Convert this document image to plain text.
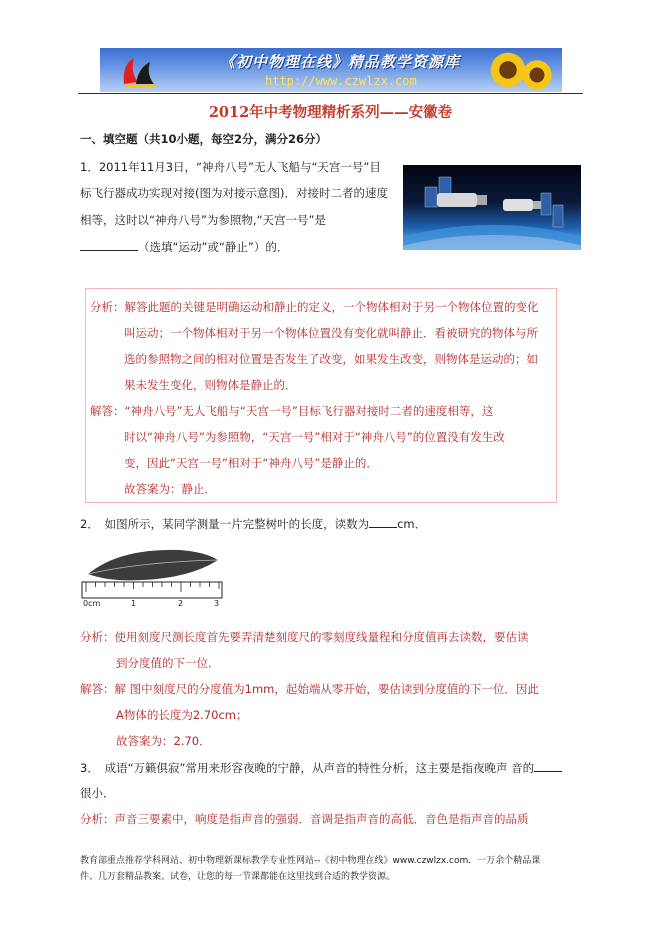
《初中物理在线》精品教学资源库
http://www.czwlzx.com
2012年中考物理精析系列——安徽卷
一、填空题（共10小题，每空2分，满分26分）
1．2011年11月3日，“神舟八号”无人飞船与“天宫一号”目
标飞行器成功实现对接(图为对接示意图)．对接时二者的速度
相等，这时以“神舟八号”为参照物,“天宫一号”是
（选填“运动”或“静止”）的．
分析：解答此题的关键是明确运动和静止的定义，一个物体相对于另一个物体位置的变化
叫运动；一个物体相对于另一个物体位置没有变化就叫静止．看被研究的物体与所
选的参照物之间的相对位置是否发生了改变，如果发生改变，则物体是运动的；如
果未发生变化，则物体是静止的．
解答：“神舟八号”无人飞船与“天宫一号”目标飞行器对接时二者的速度相等，这
时以“神舟八号”为参照物，“天宫一号”相对于“神舟八号”的位置没有发生改
变，因此“天宫一号”相对于“神舟八号”是静止的．
故答案为：静止．
2．　如图所示，某同学测量一片完整树叶的长度，读数为 cm．
0cm	1	2	3
分析：使用刻度尺测长度首先要弄清楚刻度尺的零刻度线量程和分度值再去读数，要估读
到分度值的下一位．
解答：解 图中刻度尺的分度值为1mm，起始端从零开始，要估读到分度值的下一位．因此
A物体的长度为2.70cm；
故答案为：2.70．
3．　成语“万籁俱寂”常用来形容夜晚的宁静，从声音的特性分析，这主要是指夜晚声 音的
很小．
分析：声音三要素中，响度是指声音的强弱．音调是指声音的高低．音色是指声音的品质
教育部重点推荐学科网站、初中物理新课标教学专业性网站--《初中物理在线》www.czwlzx.com．一万余个精品课
件、几万套精品教案、试卷，让您的每一节课都能在这里找到合适的教学资源。
